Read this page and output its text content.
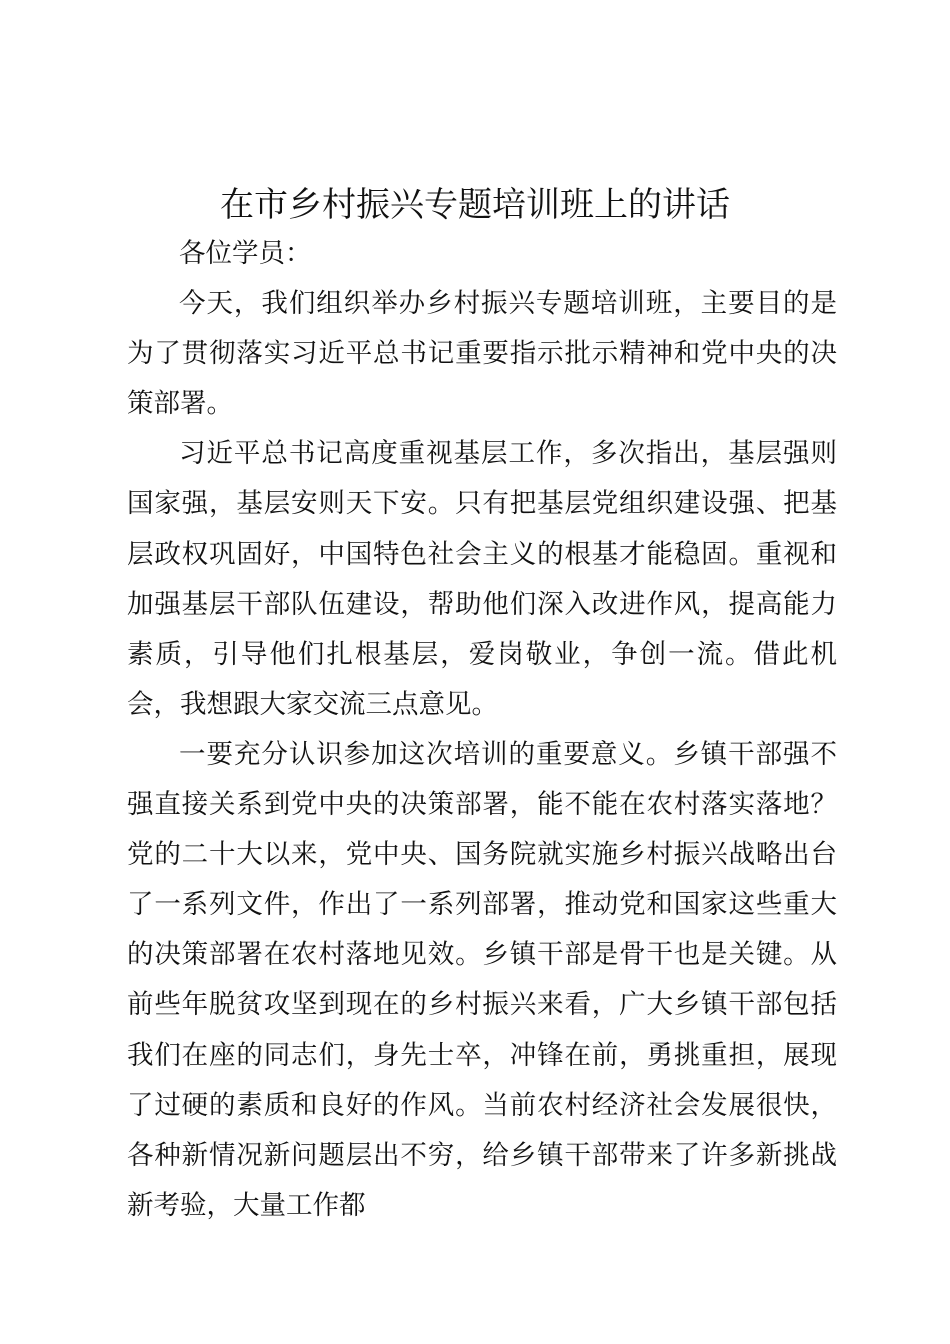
在市乡村振兴专题培训班上的讲话

各位学员：

今天，我们组织举办乡村振兴专题培训班，主要目的是为了贯彻落实习近平总书记重要指示批示精神和党中央的决策部署。

习近平总书记高度重视基层工作，多次指出，基层强则国家强，基层安则天下安。只有把基层党组织建设强、把基层政权巩固好，中国特色社会主义的根基才能稳固。重视和加强基层干部队伍建设，帮助他们深入改进作风，提高能力素质，引导他们扎根基层，爱岗敬业，争创一流。借此机会，我想跟大家交流三点意见。

一要充分认识参加这次培训的重要意义。乡镇干部强不强直接关系到党中央的决策部署，能不能在农村落实落地？党的二十大以来，党中央、国务院就实施乡村振兴战略出台了一系列文件，作出了一系列部署，推动党和国家这些重大的决策部署在农村落地见效。乡镇干部是骨干也是关键。从前些年脱贫攻坚到现在的乡村振兴来看，广大乡镇干部包括我们在座的同志们，身先士卒，冲锋在前，勇挑重担，展现了过硬的素质和良好的作风。当前农村经济社会发展很快，各种新情况新问题层出不穷，给乡镇干部带来了许多新挑战新考验，大量工作都
